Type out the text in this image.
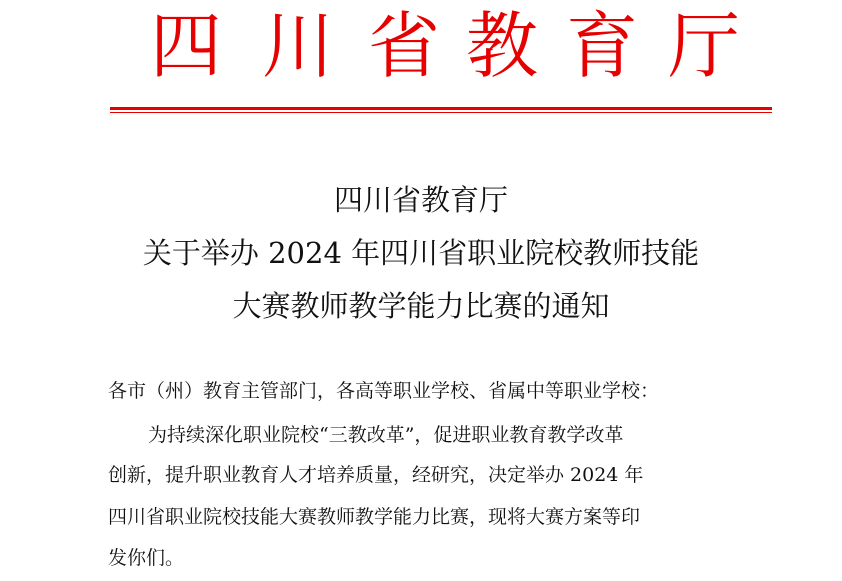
四 川 省 教 育 厅
四川省教育厅
关于举办 2024 年四川省职业院校教师技能
大赛教师教学能力比赛的通知
各市（州）教育主管部门，各高等职业学校、省属中等职业学校：
为持续深化职业院校“三教改革”，促进职业教育教学改革
创新，提升职业教育人才培养质量，经研究，决定举办 2024 年
四川省职业院校技能大赛教师教学能力比赛，现将大赛方案等印
发你们。
